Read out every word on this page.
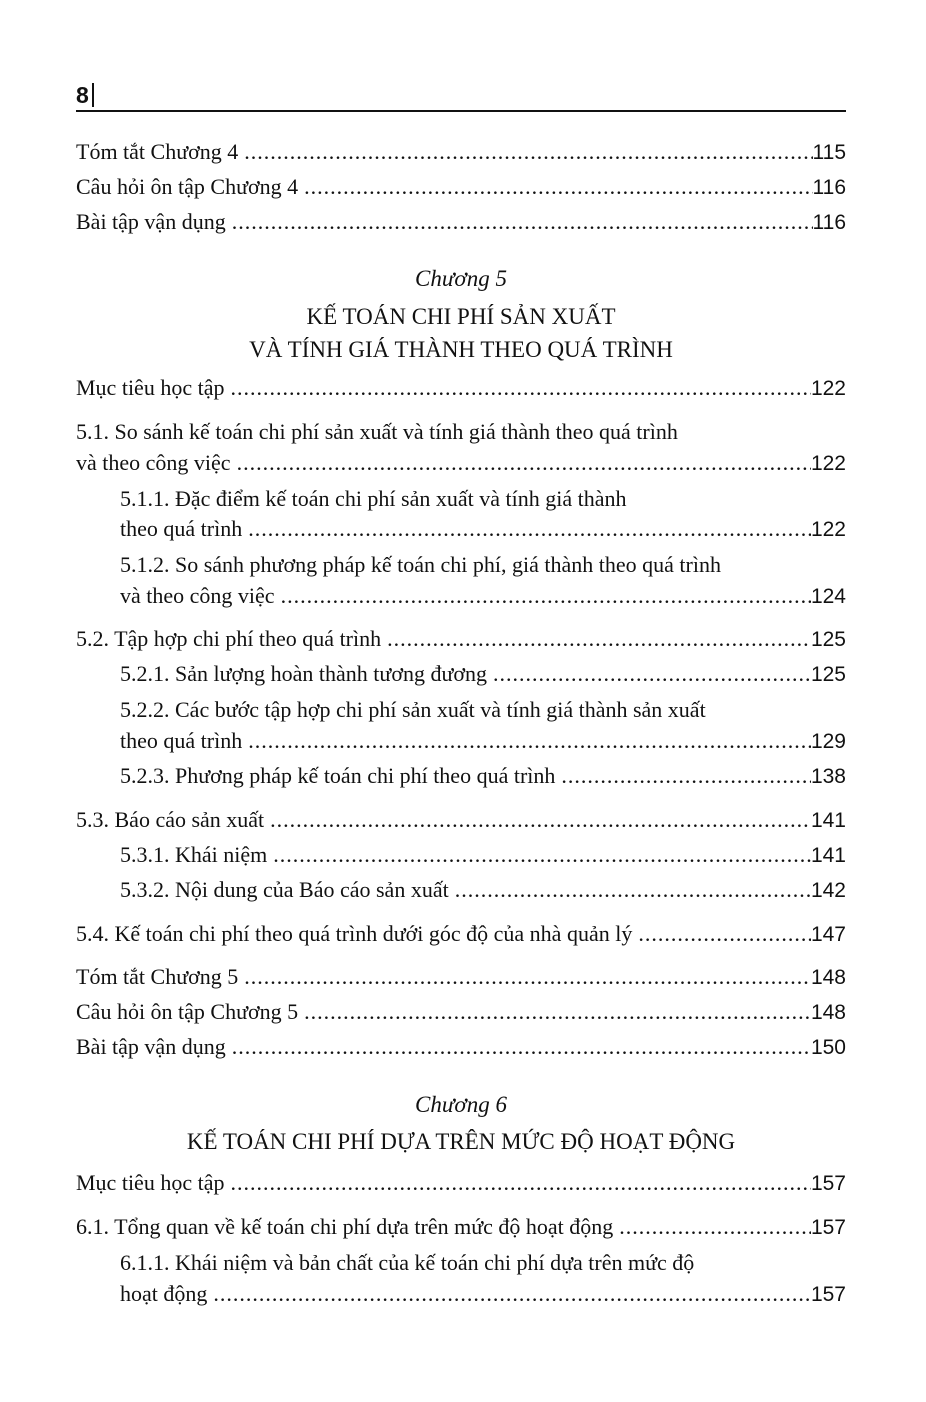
8
Tóm tắt Chương 4 .....	115
Câu hỏi ôn tập Chương 4 .....	116
Bài tập vận dụng .....	116
Chương 5
KẾ TOÁN CHI PHÍ SẢN XUẤT
VÀ TÍNH GIÁ THÀNH THEO QUÁ TRÌNH
Mục tiêu học tập .....	122
5.1. So sánh kế toán chi phí sản xuất và tính giá thành theo quá trình
và theo công việc .....	122
5.1.1. Đặc điểm kế toán chi phí sản xuất và tính giá thành
theo quá trình .....	122
5.1.2. So sánh phương pháp kế toán chi phí, giá thành theo quá trình
và theo công việc .....	124
5.2. Tập hợp chi phí theo quá trình .....	125
5.2.1. Sản lượng hoàn thành tương đương .....	125
5.2.2. Các bước tập hợp chi phí sản xuất và tính giá thành sản xuất
theo quá trình .....	129
5.2.3. Phương pháp kế toán chi phí theo quá trình .....	138
5.3. Báo cáo sản xuất .....	141
5.3.1. Khái niệm .....	141
5.3.2. Nội dung của Báo cáo sản xuất .....	142
5.4. Kế toán chi phí theo quá trình dưới góc độ của nhà quản lý .....	147
Tóm tắt Chương 5 .....	148
Câu hỏi ôn tập Chương 5 .....	148
Bài tập vận dụng .....	150
Chương 6
KẾ TOÁN CHI PHÍ DỰA TRÊN MỨC ĐỘ HOẠT ĐỘNG
Mục tiêu học tập .....	157
6.1. Tổng quan về kế toán chi phí dựa trên mức độ hoạt động .....	157
6.1.1. Khái niệm và bản chất của kế toán chi phí dựa trên mức độ
hoạt động .....	157
